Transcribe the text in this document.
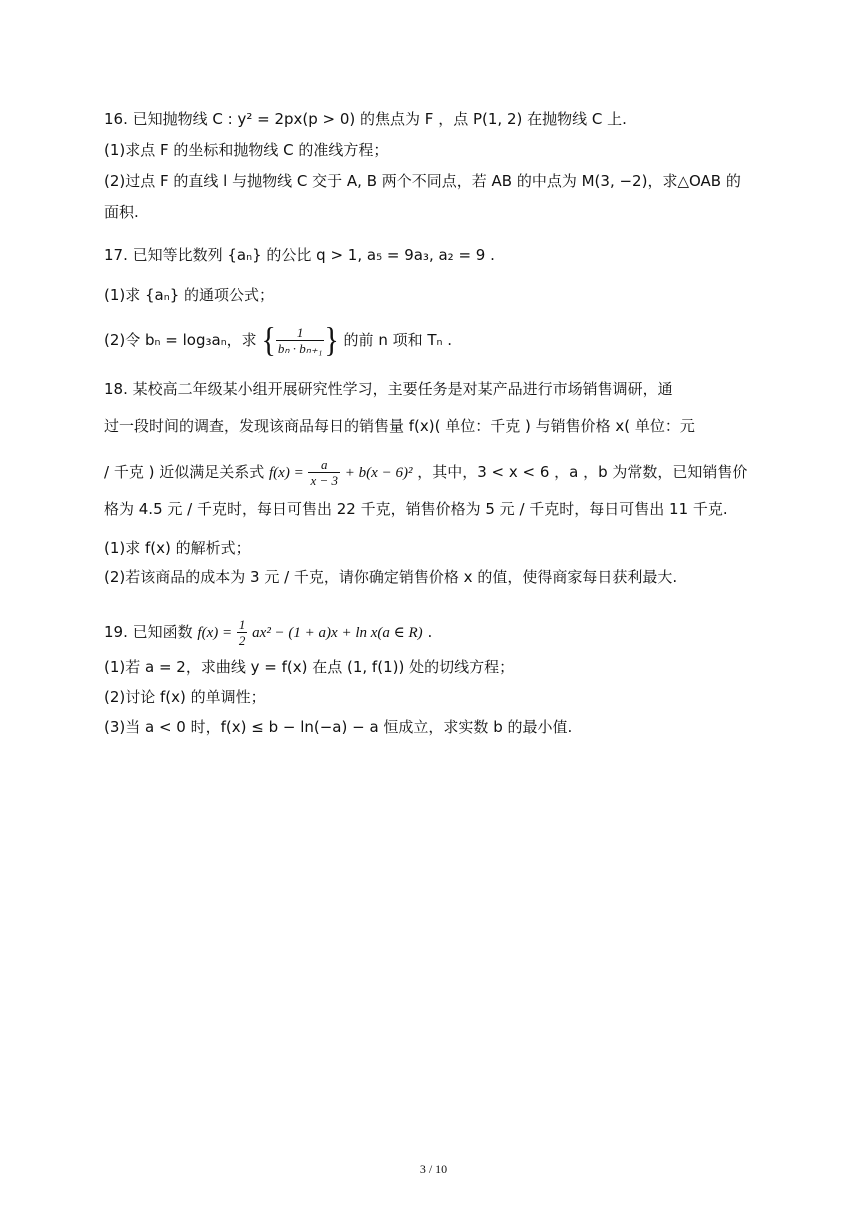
16. 已知抛物线 C : y² = 2px(p > 0) 的焦点为 F ，点 P(1, 2) 在抛物线 C 上.
(1)求点 F 的坐标和抛物线 C 的准线方程；
(2)过点 F 的直线 l 与抛物线 C 交于 A, B 两个不同点，若 AB 的中点为 M(3, −2)，求△OAB 的
面积.
17. 已知等比数列 {aₙ} 的公比 q > 1, a₅ = 9a₃, a₂ = 9 .
(1)求 {aₙ} 的通项公式；
(2)令 bₙ = log₃aₙ，求 { $\frac{1}{\text{bₙ · bₙ₊₁}}$ } 的前 n 项和 Tₙ .
18. 某校高二年级某小组开展研究性学习，主要任务是对某产品进行市场销售调研，通
过一段时间的调查，发现该商品每日的销售量 f(x)( 单位：千克 ) 与销售价格 x( 单位：元
/ 千克 ) 近似满足关系式 $f(x) = \frac{a}{x - 3} + b(x - 6)^2$ ，其中，3 < x < 6 ，a ，b 为常数，已知销售价
格为 4.5 元 / 千克时，每日可售出 22 千克，销售价格为 5 元 / 千克时，每日可售出 11 千克.
(1)求 f(x) 的解析式；
(2)若该商品的成本为 3 元 / 千克，请你确定销售价格 x 的值，使得商家每日获利最大.
19. 已知函数 $f(x) = \frac{1}{2} ax^2 - (1 + a)x + \ln x(a$ ∈ R) .
(1)若 a = 2，求曲线 y = f(x) 在点 (1, f(1)) 处的切线方程；
(2)讨论 f(x) 的单调性；
(3)当 a < 0 时，f(x) ≤ b − ln(−a) − a 恒成立，求实数 b 的最小值.
3 / 10
